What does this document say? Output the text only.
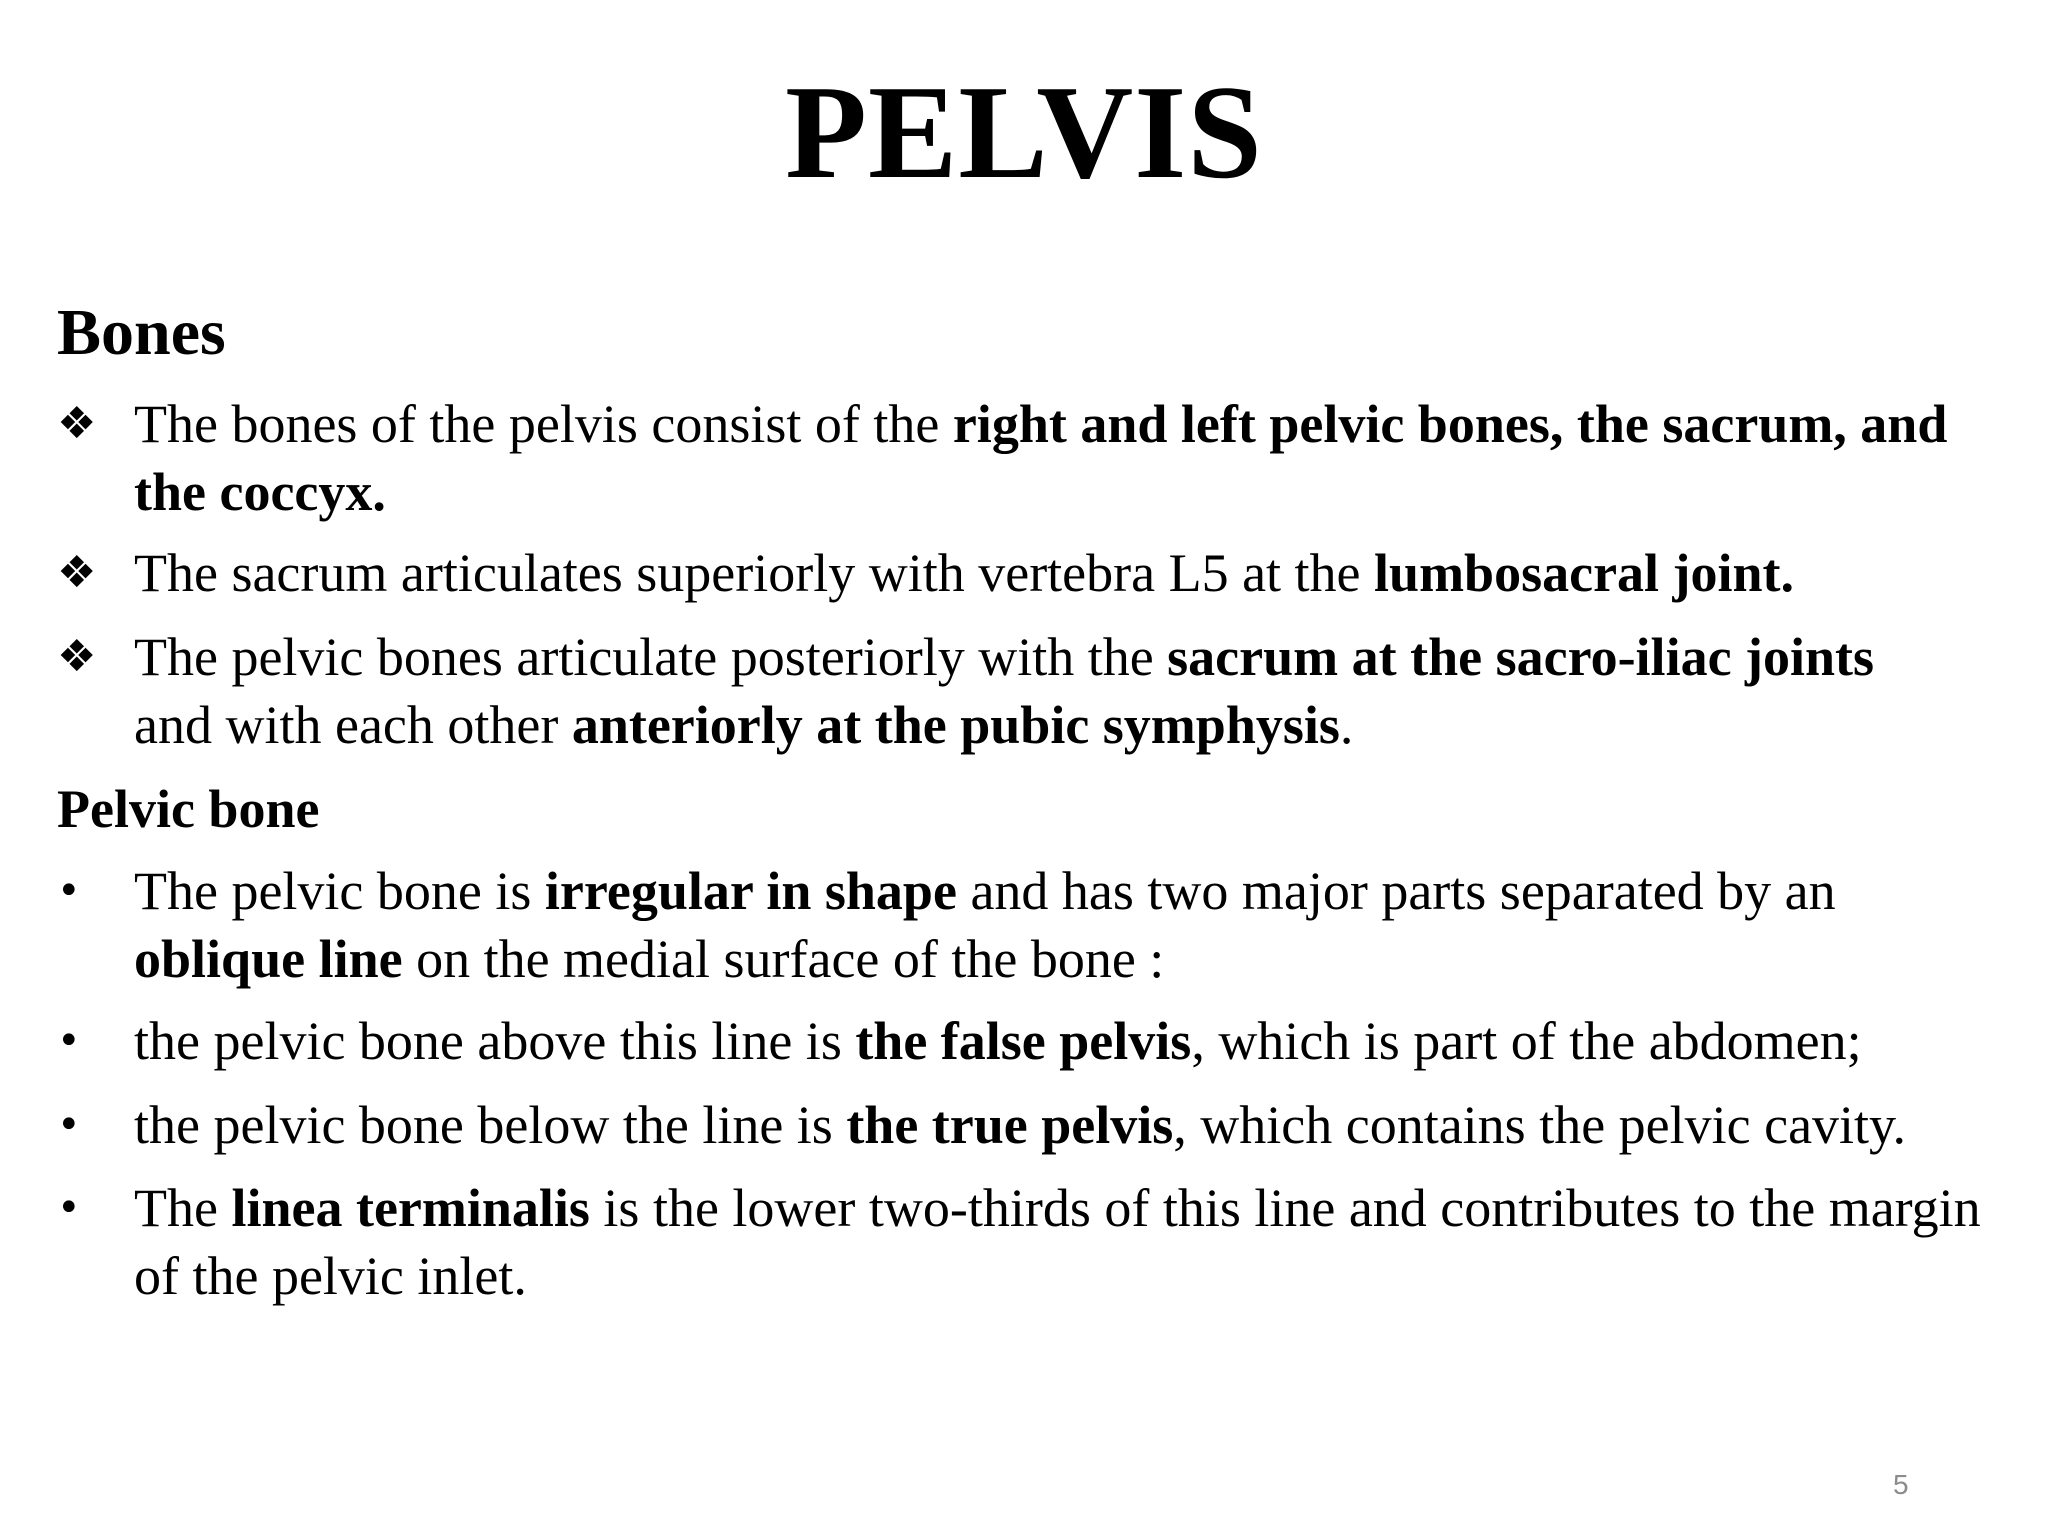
PELVIS
Bones
❖ The bones of the pelvis consist of the right and left pelvic bones, the sacrum, and the coccyx.
❖ The sacrum articulates superiorly with vertebra L5 at the lumbosacral joint.
❖ The pelvic bones articulate posteriorly with the sacrum at the sacro-iliac joints
and with each other anteriorly at the pubic symphysis.
Pelvic bone
• The pelvic bone is irregular in shape and has two major parts separated by an
oblique line on the medial surface of the bone :
• the pelvic bone above this line is the false pelvis, which is part of the abdomen;
• the pelvic bone below the line is the true pelvis, which contains the pelvic cavity.
• The linea terminalis is the lower two-thirds of this line and contributes to the margin of the pelvic inlet.
5
